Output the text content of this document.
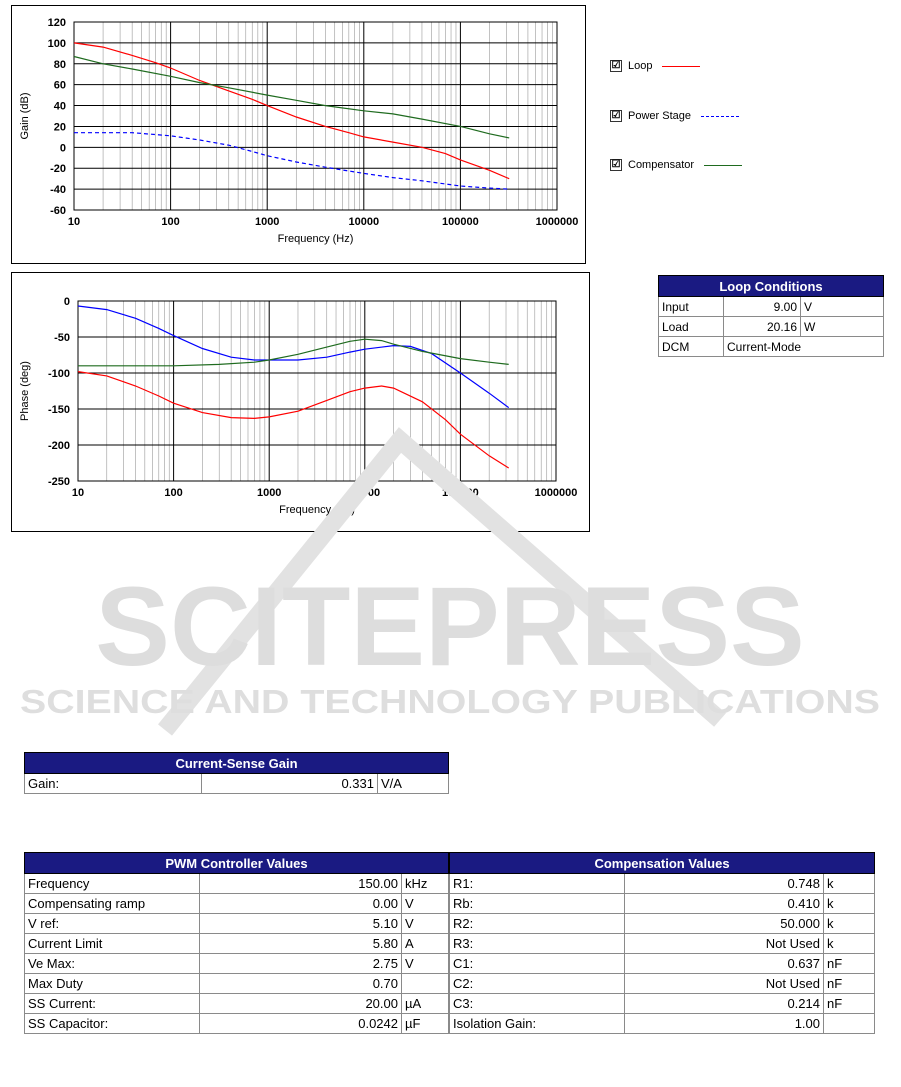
10	100	1000	10000	100000	1000000
120
100
80
60
40
20
0
-20
-40
-60
Frequency (Hz)
Gain (dB)
10	100	1000	10000	100000	1000000
0
-50
-100
-150
-200
-250
Frequency (Hz)
Phase (deg)
☑ Loop
☑ Power Stage
☑ Compensator
Loop Conditions		
Input	9.00	V
Load	20.16	W
DCM	Current-Mode	
SCITEPRESS
SCIENCE AND TECHNOLOGY PUBLICATIONS
Current-Sense Gain
Gain:	0.331	V/A
PWM Controller Values		
Frequency	150.00	kHz
Compensating ramp	0.00	V
V ref:	5.10	V
Current Limit	5.80	A
Ve Max:	2.75	V
Max Duty	0.70	
SS Current:	20.00	µA
SS Capacitor:	0.0242	µF
Compensation Values		
R1:	0.748	k
Rb:	0.410	k
R2:	50.000	k
R3:	Not Used	k
C1:	0.637	nF
C2:	Not Used	nF
C3:	0.214	nF
Isolation Gain:	1.00	
